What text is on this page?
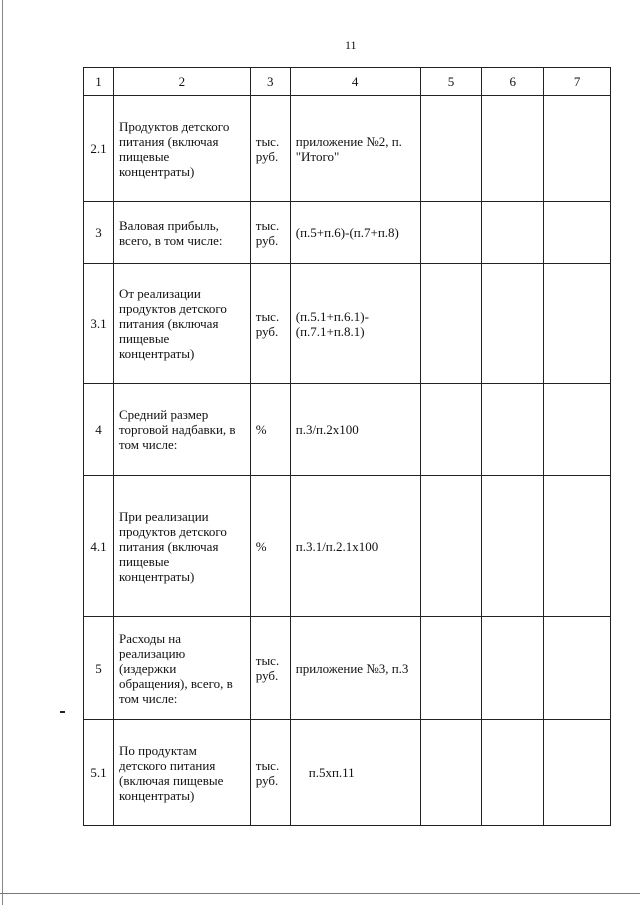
11
1	2	3	4	5	6	7
2.1	Продуктов детского питания (включая пищевые концентраты)	тыс. руб.	приложение №2, п. "Итого"			
3	Валовая прибыль, всего, в том числе:	тыс. руб.	(п.5+п.6)-(п.7+п.8)			
3.1	От реализации продуктов детского питания (включая пищевые концентраты)	тыс. руб.	(п.5.1+п.6.1)-(п.7.1+п.8.1)			
4	Средний размер торговой надбавки, в том числе:	%	п.3/п.2х100			
4.1	При реализации продуктов детского питания (включая пищевые концентраты)	%	п.3.1/п.2.1х100			
5	Расходы на реализацию (издержки обращения), всего, в том числе:	тыс. руб.	приложение №3, п.3			
5.1	По продуктам детского питания (включая пищевые концентраты)	тыс. руб.	п.5хп.11			
